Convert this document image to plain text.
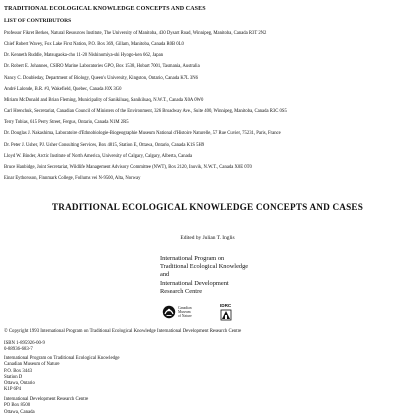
TRADITIONAL ECOLOGICAL KNOWLEDGE CONCEPTS AND CASES
LIST OF CONTRIBUTORS
Professor Fikret Berkes, Natural Resources Institute, The University of Manitoba, 430 Dysart Road, Winnipeg, Manitoba, Canada R3T 2N2
Chief Robert Wavey, Fox Lake First Nation, P.O. Box 369, Gillam, Manitoba, Canada R0B 0L0
Dr. Kenneth Ruddle, Matsugaoka-cho 11-20 Nishinomiya-shi Hyogo-ken 662, Japan
Dr. Robert E. Johannes, CSIRO Marine Laboratories GPO, Box 1538, Hobart 7001, Tasmania, Australia
Nancy C. Doubleday, Department of Biology, Queen's University, Kingston, Ontario, Canada K7L 3N6
André Lalonde, B.R. #3, Wakefield, Quebec, Canada J0X 3G0
Miriam McDonald and Brian Fleming, Municipality of Sanikiluaq, Sanikiluaq, N.W.T., Canada X0A 0W0
Carl Hrenchuk, Secretariat, Canadian Council of Ministers of the Environment, 326 Broadway Ave., Suite 400, Winnipeg, Manitoba, Canada R3C 0S5
Terry Tobias, 615 Perry Street, Fergus, Ontario, Canada N1M 2R5
Dr. Douglas J. Nakashima, Laboratoire d'Ethnobiologie-Biogeographie Museum National d'Histoire Naturelle, 57 Rue Cuvier, 75231, Paris, France
Dr. Peter J. Usher, PJ. Usher Consulting Services, Box 4815, Station E, Ottawa, Ontario, Canada K1S 5H9
Lloyd W. Binder, Arctic Institute of North America, University of Calgary, Calgary, Alberta, Canada
Bruce Hanbidge, Joint Secretariat, Wildlife Management Advisory Committee (NWT), Box 2120, Inuvik, N.W.T., Canada X0E 0T0
Einar Eythorsson, Finnmark College, Follums vei N-9500, Alta, Norway
TRADITIONAL ECOLOGICAL KNOWLEDGE CONCEPTS AND CASES
Edited by Julian T. Inglis
International Program on
Traditional Ecological Knowledge
and
International Development
Research Centre
Canadian
Museum
of Nature
IDRC
© Copyright 1993 International Program on Traditional Ecological Knowledge International Development Research Centre
ISBN 1-895926-00-9
0-88936-683-7
International Program on Traditional Ecological Knowledge
Canadian Museum of Nature
P.O. Box 3443
Station D
Ottawa, Ontario
K1P 6P4
International Development Research Centre
PO Box 8500
Ottawa, Canada
